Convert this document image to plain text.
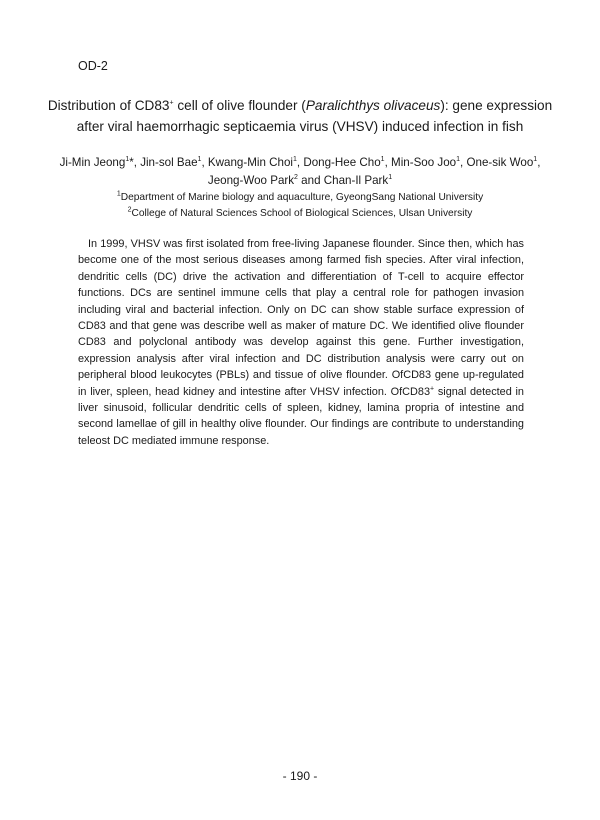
OD-2
Distribution of CD83+ cell of olive flounder (Paralichthys olivaceus): gene expression after viral haemorrhagic septicaemia virus (VHSV) induced infection in fish
Ji-Min Jeong$^1$*, Jin-sol Bae$^1$, Kwang-Min Choi$^1$, Dong-Hee Cho$^1$, Min-Soo Joo$^1$, One-sik Woo$^1$,
Jeong-Woo Park$^2$ and Chan-Il Park$^1$
$^1$Department of Marine biology and aquaculture, GyeongSang National University
$^2$College of Natural Sciences School of Biological Sciences, Ulsan University

In 1999, VHSV was first isolated from free-living Japanese flounder. Since then, which has become one of the most serious diseases among farmed fish species. After viral infection, dendritic cells (DC) drive the activation and differentiation of T-cell to acquire effector functions. DCs are sentinel immune cells that play a central role for pathogen invasion including viral and bacterial infection. Only on DC can show stable surface expression of CD83 and that gene was describe well as maker of mature DC. We identified olive flounder CD83 and polyclonal antibody was develop against this gene. Further investigation, expression analysis after viral infection and DC distribution analysis were carry out on peripheral blood leukocytes (PBLs) and tissue of olive flounder. OfCD83 gene up-regulated in liver, spleen, head kidney and intestine after VHSV infection. OfCD83+ signal detected in liver sinusoid, follicular dendritic cells of spleen, kidney, lamina propria of intestine and second lamellae of gill in healthy olive flounder. Our findings are contribute to understanding teleost DC mediated immune response.

- 190 -
